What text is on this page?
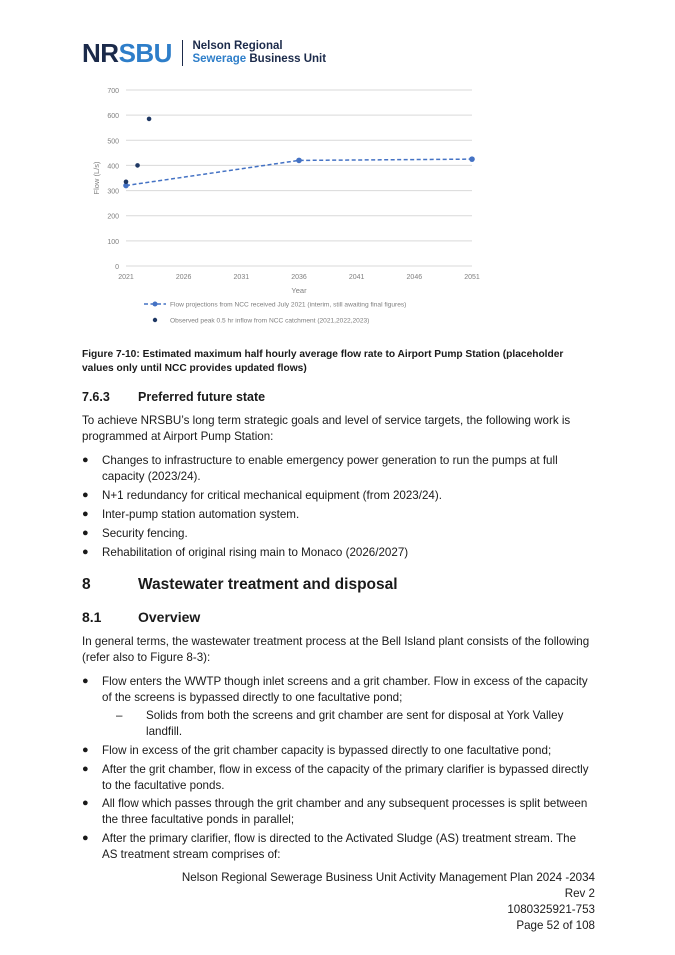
NRSBU Nelson Regional
Sewerage Business Unit
0
100
200
300
400
500
600
700
2021	2026	2031	2036	2041	2046	2051
Year
Flow (L/s)
Flow projections from NCC received July 2021 (interim, still awaiting final figures)
Observed peak 0.5 hr inflow from NCC catchment (2021,2022,2023)
Figure 7-10: Estimated maximum half hourly average flow rate to Airport Pump Station (placeholder values only until NCC provides updated flows)
7.6.3 Preferred future state
To achieve NRSBU’s long term strategic goals and level of service targets, the following work is programmed at Airport Pump Station:
●	Changes to infrastructure to enable emergency power generation to run the pumps at full capacity (2023/24).
●	N+1 redundancy for critical mechanical equipment (from 2023/24).
●	Inter-pump station automation system.
●	Security fencing.
●	Rehabilitation of original rising main to Monaco (2026/2027)
8	Wastewater treatment and disposal
8.1	Overview
In general terms, the wastewater treatment process at the Bell Island plant consists of the following (refer also to Figure 8-3):
●	Flow enters the WWTP though inlet screens and a grit chamber. Flow in excess of the capacity of the screens is bypassed directly to one facultative pond;
–	Solids from both the screens and grit chamber are sent for disposal at York Valley landfill.
●	Flow in excess of the grit chamber capacity is bypassed directly to one facultative pond;
●	After the grit chamber, flow in excess of the capacity of the primary clarifier is bypassed directly to the facultative ponds.
●	All flow which passes through the grit chamber and any subsequent processes is split between the three facultative ponds in parallel;
●	After the primary clarifier, flow is directed to the Activated Sludge (AS) treatment stream. The AS treatment stream comprises of:
Nelson Regional Sewerage Business Unit Activity Management Plan 2024 -2034
Rev 2
1080325921-753
Page 52 of 108
